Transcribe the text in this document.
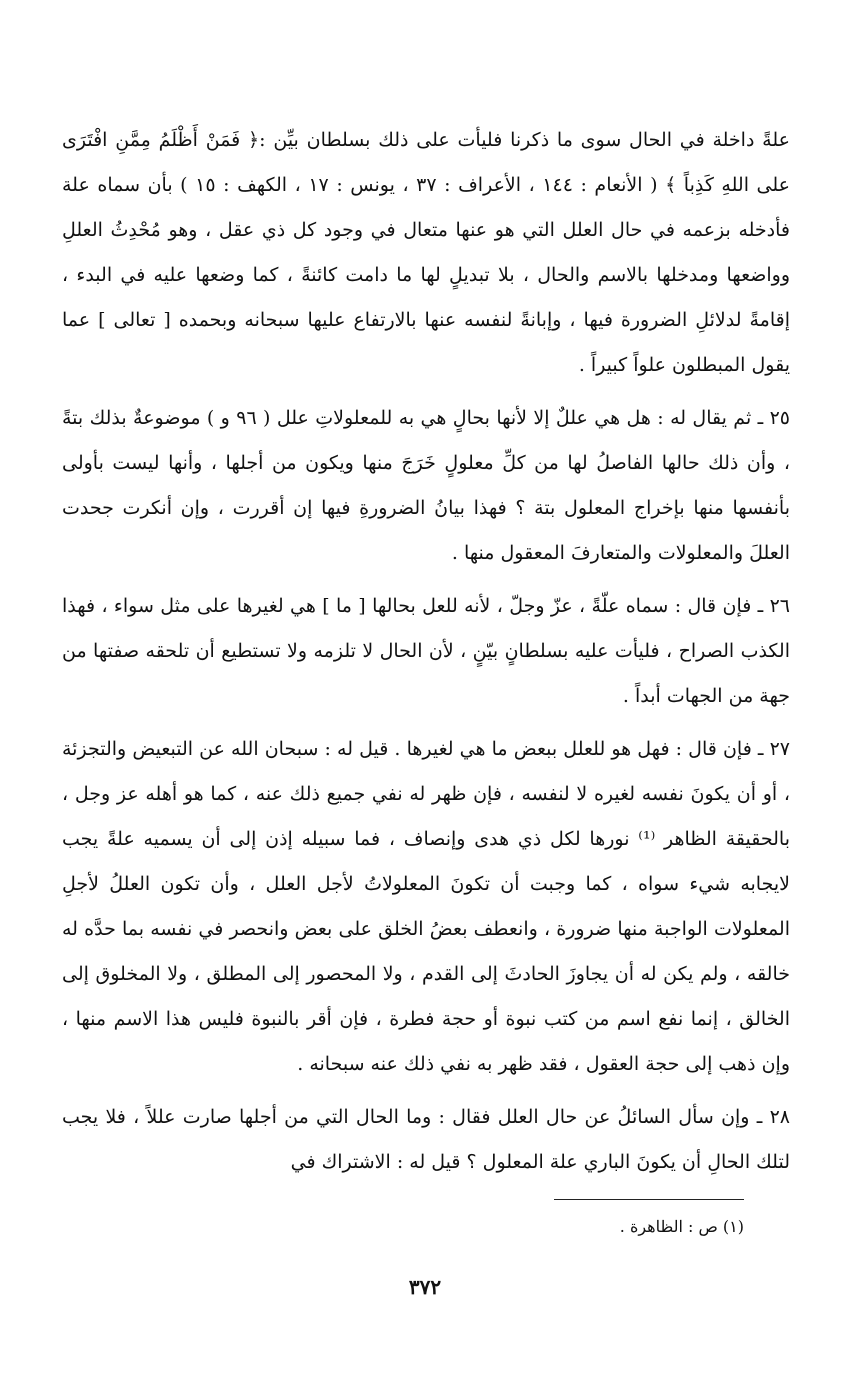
علةً داخلة في الحال سوى ما ذكرنا فليأت على ذلك بسلطان بيِّن :﴿ فَمَنْ أَظْلَمُ مِمَّنِ افْتَرَى على اللهِ كَذِباً ﴾ ( الأنعام : ١٤٤ ، الأعراف : ٣٧ ، يونس : ١٧ ، الكهف : ١٥ ) بأن سماه علة فأدخله بزعمه في حال العلل التي هو عنها متعال في وجود كل ذي عقل ، وهو مُحْدِثُ العللِ وواضعها ومدخلها بالاسم والحال ، بلا تبديلٍ لها ما دامت كائنةً ، كما وضعها عليه في البدء ، إقامةً لدلائلِ الضرورة فيها ، وإبانةً لنفسه عنها بالارتفاع عليها سبحانه وبحمده [ تعالى ] عما يقول المبطلون علواً كبيراً .

٢٥ ـ ثم يقال له : هل هي عللٌ إلا لأنها بحالٍ هي به للمعلولاتِ علل ( ٩٦ و ) موضوعةٌ بذلك بتةً ، وأن ذلك حالها الفاصلُ لها من كلِّ معلولٍ خَرَجَ منها ويكون من أجلها ، وأنها ليست بأولى بأنفسها منها بإخراج المعلول بتة ؟ فهذا بيانُ الضرورةِ فيها إن أقررت ، وإن أنكرت جحدت العللَ والمعلولات والمتعارفَ المعقول منها .

٢٦ ـ فإن قال : سماه علّةً ، عزّ وجلّ ، لأنه للعل بحالها [ ما ] هي لغيرها على مثل سواء ، فهذا الكذب الصراح ، فليأت عليه بسلطانٍ بيّنٍ ، لأن الحال لا تلزمه ولا تستطيع أن تلحقه صفتها من جهة من الجهات أبداً .

٢٧ ـ فإن قال : فهل هو للعلل ببعض ما هي لغيرها . قيل له : سبحان الله عن التبعيض والتجزئة ، أو أن يكونَ نفسه لغيره لا لنفسه ، فإن ظهر له نفي جميع ذلك عنه ، كما هو أهله عز وجل ، بالحقيقة الظاهر ⁽¹⁾ نورها لكل ذي هدى وإنصاف ، فما سبيله إذن إلى أن يسميه علةً يجب لايجابه شيء سواه ، كما وجبت أن تكونَ المعلولاتُ لأجل العلل ، وأن تكون العللُ لأجلِ المعلولات الواجبة منها ضرورة ، وانعطف بعضُ الخلق على بعض وانحصر في نفسه بما حدَّه له خالقه ، ولم يكن له أن يجاوزَ الحادثَ إلى القدم ، ولا المحصور إلى المطلق ، ولا المخلوق إلى الخالق ، إنما نفع اسم من كتب نبوة أو حجة فطرة ، فإن أقر بالنبوة فليس هذا الاسم منها ، وإن ذهب إلى حجة العقول ، فقد ظهر به نفي ذلك عنه سبحانه .

٢٨ ـ وإن سأل السائلُ عن حال العلل فقال : وما الحال التي من أجلها صارت عللاً ، فلا يجب لتلك الحالِ أن يكونَ الباري علة المعلول ؟ قيل له : الاشتراك في

(١) ص : الظاهرة .
٣٧٢
